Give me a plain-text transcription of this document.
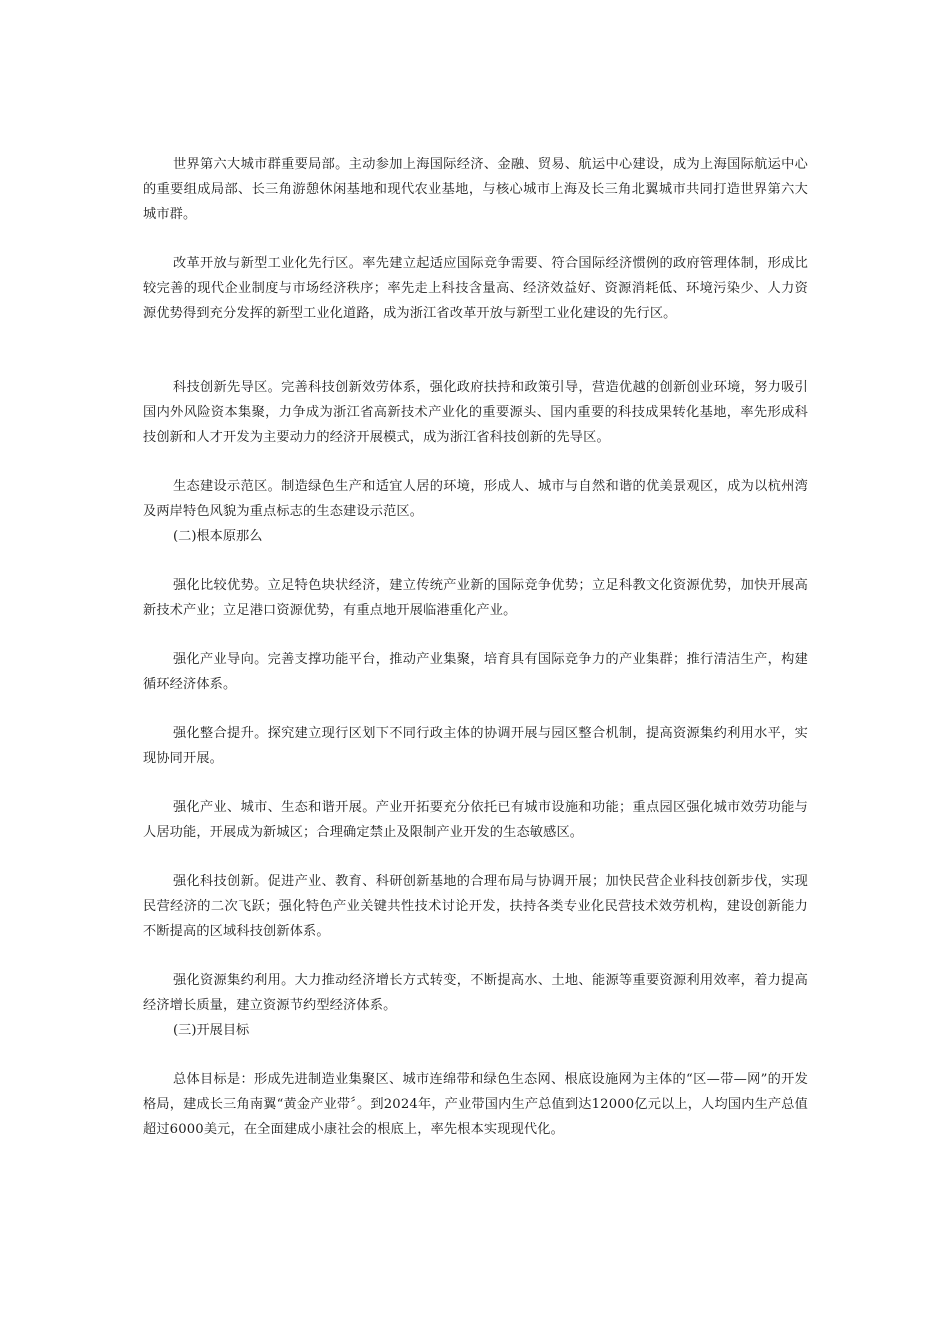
世界第六大城市群重要局部。主动参加上海国际经济、金融、贸易、航运中心建设，成为上海国际航运中心的重要组成局部、长三角游憩休闲基地和现代农业基地，与核心城市上海及长三角北翼城市共同打造世界第六大城市群。

改革开放与新型工业化先行区。率先建立起适应国际竞争需要、符合国际经济惯例的政府管理体制，形成比较完善的现代企业制度与市场经济秩序；率先走上科技含量高、经济效益好、资源消耗低、环境污染少、人力资源优势得到充分发挥的新型工业化道路，成为浙江省改革开放与新型工业化建设的先行区。

科技创新先导区。完善科技创新效劳体系，强化政府扶持和政策引导，营造优越的创新创业环境，努力吸引国内外风险资本集聚，力争成为浙江省高新技术产业化的重要源头、国内重要的科技成果转化基地，率先形成科技创新和人才开发为主要动力的经济开展模式，成为浙江省科技创新的先导区。

生态建设示范区。制造绿色生产和适宜人居的环境，形成人、城市与自然和谐的优美景观区，成为以杭州湾及两岸特色风貌为重点标志的生态建设示范区。

(二)根本原那么

强化比较优势。立足特色块状经济，建立传统产业新的国际竞争优势；立足科教文化资源优势，加快开展高新技术产业；立足港口资源优势，有重点地开展临港重化产业。

强化产业导向。完善支撑功能平台，推动产业集聚，培育具有国际竞争力的产业集群；推行清洁生产，构建循环经济体系。

强化整合提升。探究建立现行区划下不同行政主体的协调开展与园区整合机制，提高资源集约利用水平，实现协同开展。

强化产业、城市、生态和谐开展。产业开拓要充分依托已有城市设施和功能；重点园区强化城市效劳功能与人居功能，开展成为新城区；合理确定禁止及限制产业开发的生态敏感区。

强化科技创新。促进产业、教育、科研创新基地的合理布局与协调开展；加快民营企业科技创新步伐，实现民营经济的二次飞跃；强化特色产业关键共性技术讨论开发，扶持各类专业化民营技术效劳机构，建设创新能力不断提高的区域科技创新体系。

强化资源集约利用。大力推动经济增长方式转变，不断提高水、土地、能源等重要资源利用效率，着力提高经济增长质量，建立资源节约型经济体系。

(三)开展目标

总体目标是：形成先进制造业集聚区、城市连绵带和绿色生态网、根底设施网为主体的“区—带—网”的开发格局，建成长三角南翼“黄金产业带〞。到2024年，产业带国内生产总值到达12000亿元以上，人均国内生产总值超过6000美元，在全面建成小康社会的根底上，率先根本实现现代化。
